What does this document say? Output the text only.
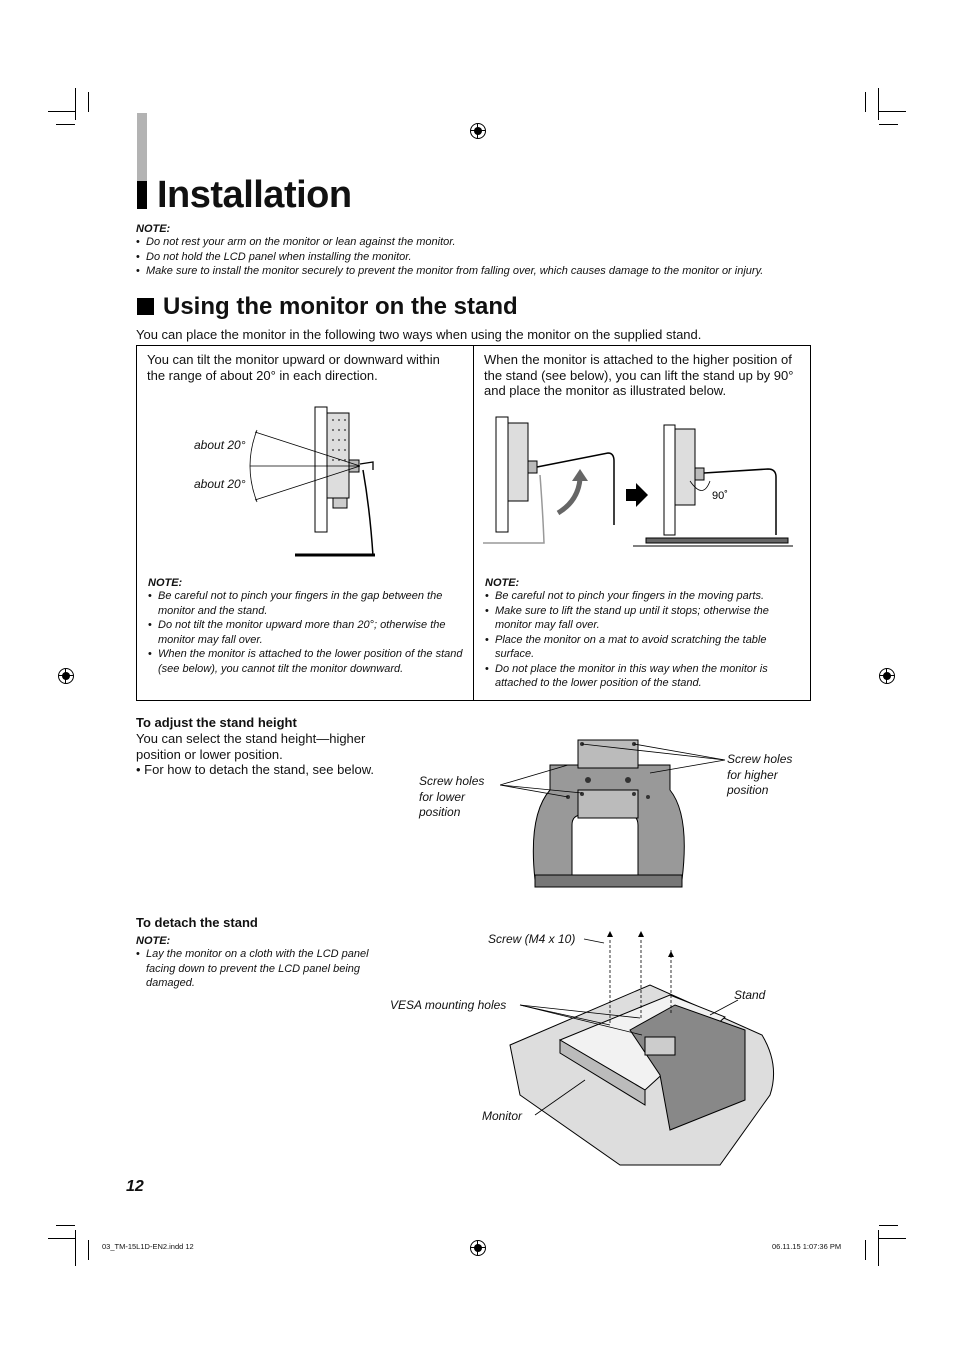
Installation
NOTE:
• Do not rest your arm on the monitor or lean against the monitor.
• Do not hold the LCD panel when installing the monitor.
• Make sure to install the monitor securely to prevent the monitor from falling over, which causes damage to the monitor or injury.
Using the monitor on the stand
You can place the monitor in the following two ways when using the monitor on the supplied stand.
You can tilt the monitor upward or downward within the range of about 20° in each direction.
about 20°
about 20°
NOTE:
• Be careful not to pinch your fingers in the gap between the monitor and the stand.
• Do not tilt the monitor upward more than 20°; otherwise the monitor may fall over.
• When the monitor is attached to the lower position of the stand (see below), you cannot tilt the monitor downward.
When the monitor is attached to the higher position of the stand (see below), you can lift the stand up by 90° and place the monitor as illustrated below.
90˚
NOTE:
• Be careful not to pinch your fingers in the moving parts.
• Make sure to lift the stand up until it stops; otherwise the monitor may fall over.
• Place the monitor on a mat to avoid scratching the table surface.
• Do not place the monitor in this way when the monitor is attached to the lower position of the stand.
To adjust the stand height
You can select the stand height—higher position or lower position.
• For how to detach the stand, see below.
Screw holes for lower position
Screw holes for higher position
To detach the stand
NOTE:
• Lay the monitor on a cloth with the LCD panel facing down to prevent the LCD panel being damaged.
Screw (M4 x 10)
VESA mounting holes
Stand
Monitor
12
03_TM-15L1D-EN2.indd 12	06.11.15 1:07:36 PM
